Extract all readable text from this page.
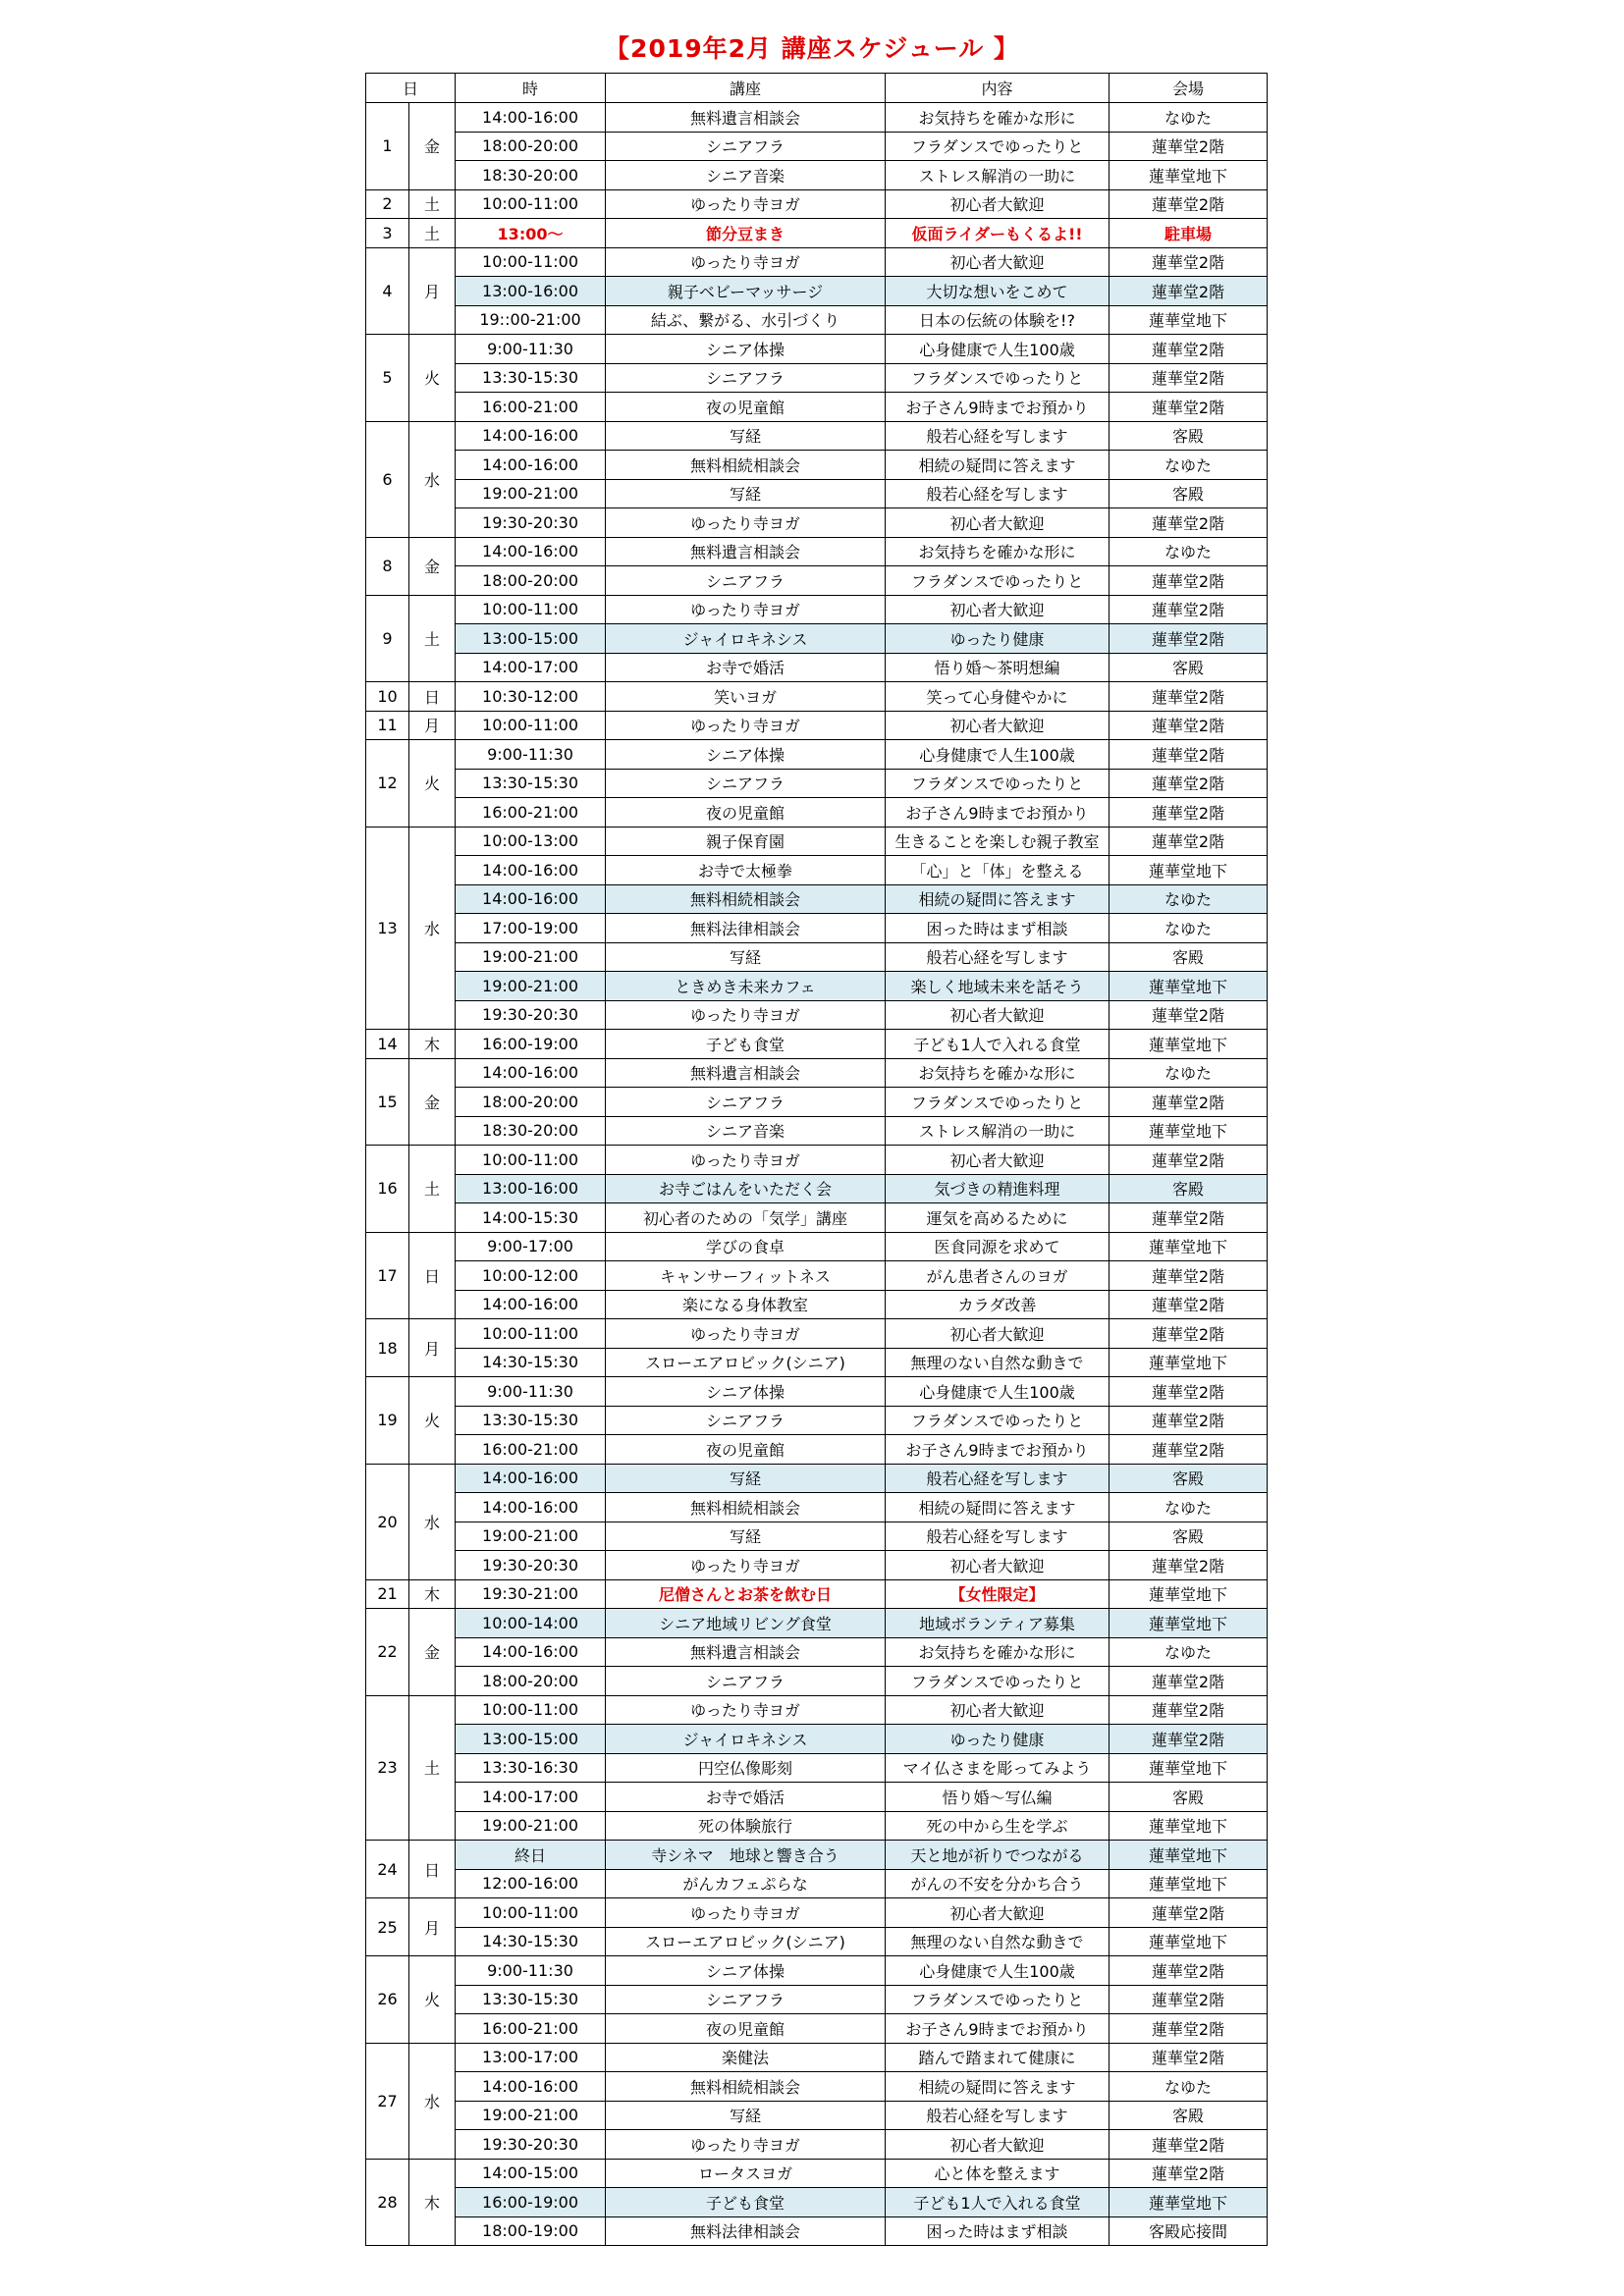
【2019年2月 講座スケジュール 】
日		時	講座	内容	会場
1	金	14:00-16:00	無料遺言相談会	お気持ちを確かな形に	なゆた
		18:00-20:00	シニアフラ	フラダンスでゆったりと	蓮華堂2階
		18:30-20:00	シニア音楽	ストレス解消の一助に	蓮華堂地下
2	土	10:00-11:00	ゆったり寺ヨガ	初心者大歓迎	蓮華堂2階
3	土	13:00～	節分豆まき	仮面ライダーもくるよ!!	駐車場
4	月	10:00-11:00	ゆったり寺ヨガ	初心者大歓迎	蓮華堂2階
		13:00-16:00	親子ベビーマッサージ	大切な想いをこめて	蓮華堂2階
		19::00-21:00	結ぶ、繋がる、水引づくり	日本の伝統の体験を!?	蓮華堂地下
5	火	9:00-11:30	シニア体操	心身健康で人生100歳	蓮華堂2階
		13:30-15:30	シニアフラ	フラダンスでゆったりと	蓮華堂2階
		16:00-21:00	夜の児童館	お子さん9時までお預かり	蓮華堂2階
6	水	14:00-16:00	写経	般若心経を写します	客殿
		14:00-16:00	無料相続相談会	相続の疑問に答えます	なゆた
		19:00-21:00	写経	般若心経を写します	客殿
		19:30-20:30	ゆったり寺ヨガ	初心者大歓迎	蓮華堂2階
8	金	14:00-16:00	無料遺言相談会	お気持ちを確かな形に	なゆた
		18:00-20:00	シニアフラ	フラダンスでゆったりと	蓮華堂2階
9	土	10:00-11:00	ゆったり寺ヨガ	初心者大歓迎	蓮華堂2階
		13:00-15:00	ジャイロキネシス	ゆったり健康	蓮華堂2階
		14:00-17:00	お寺で婚活	悟り婚～茶明想編	客殿
10	日	10:30-12:00	笑いヨガ	笑って心身健やかに	蓮華堂2階
11	月	10:00-11:00	ゆったり寺ヨガ	初心者大歓迎	蓮華堂2階
12	火	9:00-11:30	シニア体操	心身健康で人生100歳	蓮華堂2階
		13:30-15:30	シニアフラ	フラダンスでゆったりと	蓮華堂2階
		16:00-21:00	夜の児童館	お子さん9時までお預かり	蓮華堂2階
13	水	10:00-13:00	親子保育園	生きることを楽しむ親子教室	蓮華堂2階
		14:00-16:00	お寺で太極拳	「心」と「体」を整える	蓮華堂地下
		14:00-16:00	無料相続相談会	相続の疑問に答えます	なゆた
		17:00-19:00	無料法律相談会	困った時はまず相談	なゆた
		19:00-21:00	写経	般若心経を写します	客殿
		19:00-21:00	ときめき未来カフェ	楽しく地域未来を話そう	蓮華堂地下
		19:30-20:30	ゆったり寺ヨガ	初心者大歓迎	蓮華堂2階
14	木	16:00-19:00	子ども食堂	子ども1人で入れる食堂	蓮華堂地下
15	金	14:00-16:00	無料遺言相談会	お気持ちを確かな形に	なゆた
		18:00-20:00	シニアフラ	フラダンスでゆったりと	蓮華堂2階
		18:30-20:00	シニア音楽	ストレス解消の一助に	蓮華堂地下
16	土	10:00-11:00	ゆったり寺ヨガ	初心者大歓迎	蓮華堂2階
		13:00-16:00	お寺ごはんをいただく会	気づきの精進料理	客殿
		14:00-15:30	初心者のための「気学」講座	運気を高めるために	蓮華堂2階
17	日	9:00-17:00	学びの食卓	医食同源を求めて	蓮華堂地下
		10:00-12:00	キャンサーフィットネス	がん患者さんのヨガ	蓮華堂2階
		14:00-16:00	楽になる身体教室	カラダ改善	蓮華堂2階
18	月	10:00-11:00	ゆったり寺ヨガ	初心者大歓迎	蓮華堂2階
		14:30-15:30	スローエアロビック(シニア)	無理のない自然な動きで	蓮華堂地下
19	火	9:00-11:30	シニア体操	心身健康で人生100歳	蓮華堂2階
		13:30-15:30	シニアフラ	フラダンスでゆったりと	蓮華堂2階
		16:00-21:00	夜の児童館	お子さん9時までお預かり	蓮華堂2階
20	水	14:00-16:00	写経	般若心経を写します	客殿
		14:00-16:00	無料相続相談会	相続の疑問に答えます	なゆた
		19:00-21:00	写経	般若心経を写します	客殿
		19:30-20:30	ゆったり寺ヨガ	初心者大歓迎	蓮華堂2階
21	木	19:30-21:00	尼僧さんとお茶を飲む日	【女性限定】	蓮華堂地下
22	金	10:00-14:00	シニア地域リビング食堂	地域ボランティア募集	蓮華堂地下
		14:00-16:00	無料遺言相談会	お気持ちを確かな形に	なゆた
		18:00-20:00	シニアフラ	フラダンスでゆったりと	蓮華堂2階
23	土	10:00-11:00	ゆったり寺ヨガ	初心者大歓迎	蓮華堂2階
		13:00-15:00	ジャイロキネシス	ゆったり健康	蓮華堂2階
		13:30-16:30	円空仏像彫刻	マイ仏さまを彫ってみよう	蓮華堂地下
		14:00-17:00	お寺で婚活	悟り婚～写仏編	客殿
		19:00-21:00	死の体験旅行	死の中から生を学ぶ	蓮華堂地下
24	日	終日	寺シネマ　地球と響き合う	天と地が祈りでつながる	蓮華堂地下
		12:00-16:00	がんカフェぷらな	がんの不安を分かち合う	蓮華堂地下
25	月	10:00-11:00	ゆったり寺ヨガ	初心者大歓迎	蓮華堂2階
		14:30-15:30	スローエアロビック(シニア)	無理のない自然な動きで	蓮華堂地下
26	火	9:00-11:30	シニア体操	心身健康で人生100歳	蓮華堂2階
		13:30-15:30	シニアフラ	フラダンスでゆったりと	蓮華堂2階
		16:00-21:00	夜の児童館	お子さん9時までお預かり	蓮華堂2階
27	水	13:00-17:00	楽健法	踏んで踏まれて健康に	蓮華堂2階
		14:00-16:00	無料相続相談会	相続の疑問に答えます	なゆた
		19:00-21:00	写経	般若心経を写します	客殿
		19:30-20:30	ゆったり寺ヨガ	初心者大歓迎	蓮華堂2階
28	木	14:00-15:00	ロータスヨガ	心と体を整えます	蓮華堂2階
		16:00-19:00	子ども食堂	子ども1人で入れる食堂	蓮華堂地下
		18:00-19:00	無料法律相談会	困った時はまず相談	客殿応接間
